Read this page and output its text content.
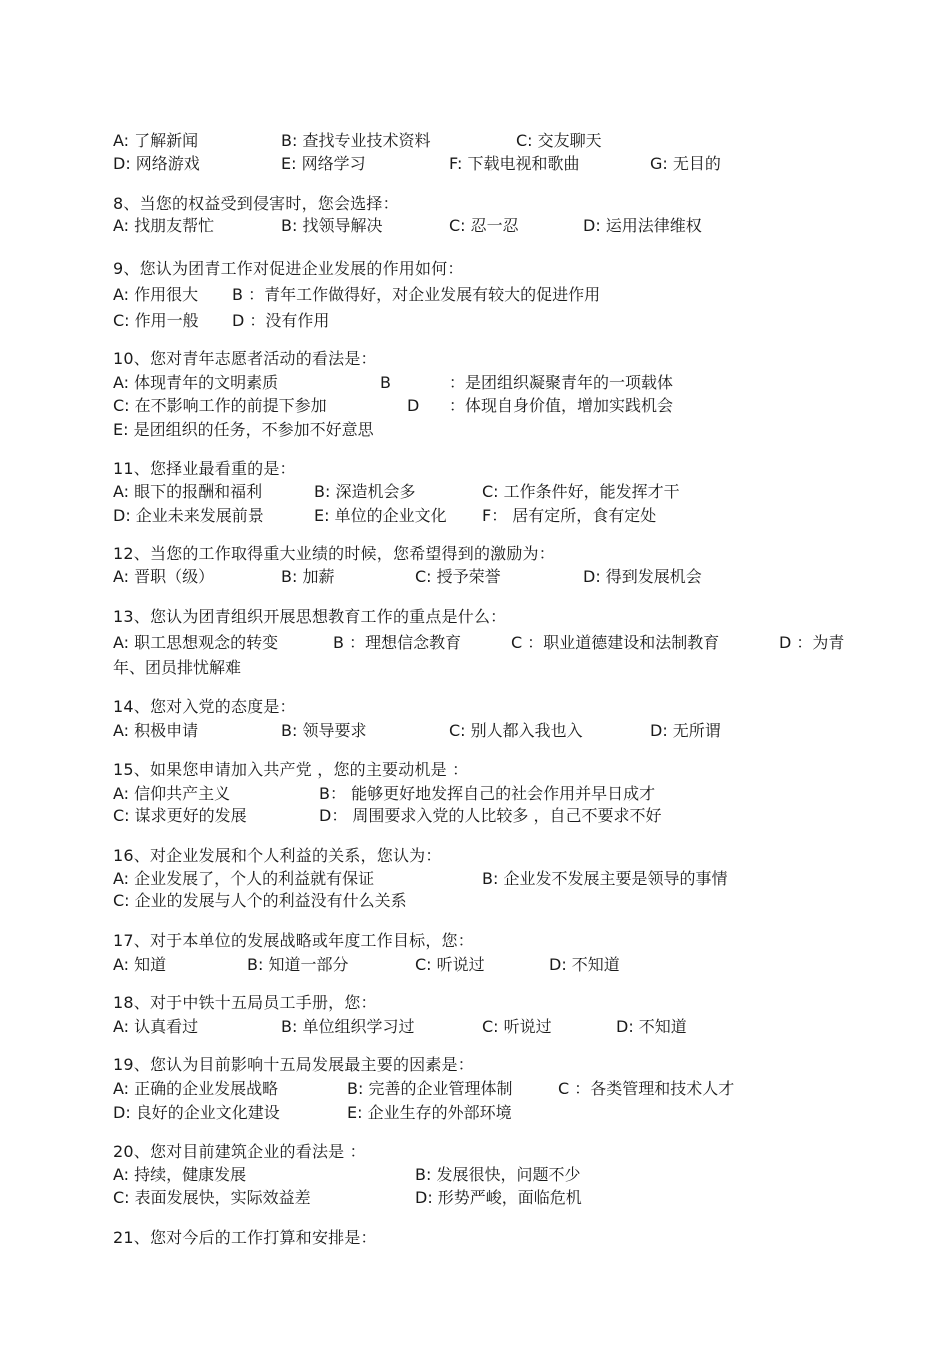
A: 了解新闻	B: 查找专业技术资料	C: 交友聊天
D: 网络游戏	E: 网络学习	F: 下载电视和歌曲	G: 无目的
8、当您的权益受到侵害时，您会选择：
A: 找朋友帮忙	B: 找领导解决	C: 忍一忍	D: 运用法律维权
9、您认为团青工作对促进企业发展的作用如何：
A: 作用很大 B ：青年工作做得好，对企业发展有较大的促进作用
C: 作用一般 D ：没有作用
10、您对青年志愿者活动的看法是：
A: 体现青年的文明素质	B	：是团组织凝聚青年的一项载体
C: 在不影响工作的前提下参加	D ：体现自身价值，增加实践机会
E: 是团组织的任务，不参加不好意思
11、您择业最看重的是：
A: 眼下的报酬和福利	B: 深造机会多	C: 工作条件好，能发挥才干
D: 企业未来发展前景	E: 单位的企业文化 F： 居有定所，食有定处
12、当您的工作取得重大业绩的时候，您希望得到的激励为：
A: 晋职（级）	B: 加薪	C: 授予荣誉	D: 得到发展机会
13、您认为团青组织开展思想教育工作的重点是什么：
A: 职工思想观念的转变	B ：理想信念教育	C ：职业道德建设和法制教育	D ：为青
年、团员排忧解难
14、您对入党的态度是：
A: 积极申请	B: 领导要求	C: 别人都入我也入	D: 无所谓
15、如果您申请加入共产党 ，您的主要动机是 ：
A: 信仰共产主义	B： 能够更好地发挥自己的社会作用并早日成才
C: 谋求更好的发展	D： 周围要求入党的人比较多 ，自己不要求不好
16、对企业发展和个人利益的关系，您认为：
A: 企业发展了，个人的利益就有保证	B: 企业发不发展主要是领导的事情
C: 企业的发展与人个的利益没有什么关系
17、对于本单位的发展战略或年度工作目标，您：
A: 知道	B: 知道一部分	C: 听说过	D: 不知道
18、对于中铁十五局员工手册，您：
A: 认真看过	B: 单位组织学习过	C: 听说过	D: 不知道
19、您认为目前影响十五局发展最主要的因素是：
A: 正确的企业发展战略	B: 完善的企业管理体制	C ：各类管理和技术人才
D: 良好的企业文化建设	E: 企业生存的外部环境
20、您对目前建筑企业的看法是 ：
A: 持续，健康发展	B: 发展很快，问题不少
C: 表面发展快，实际效益差	D: 形势严峻，面临危机
21、您对今后的工作打算和安排是：
